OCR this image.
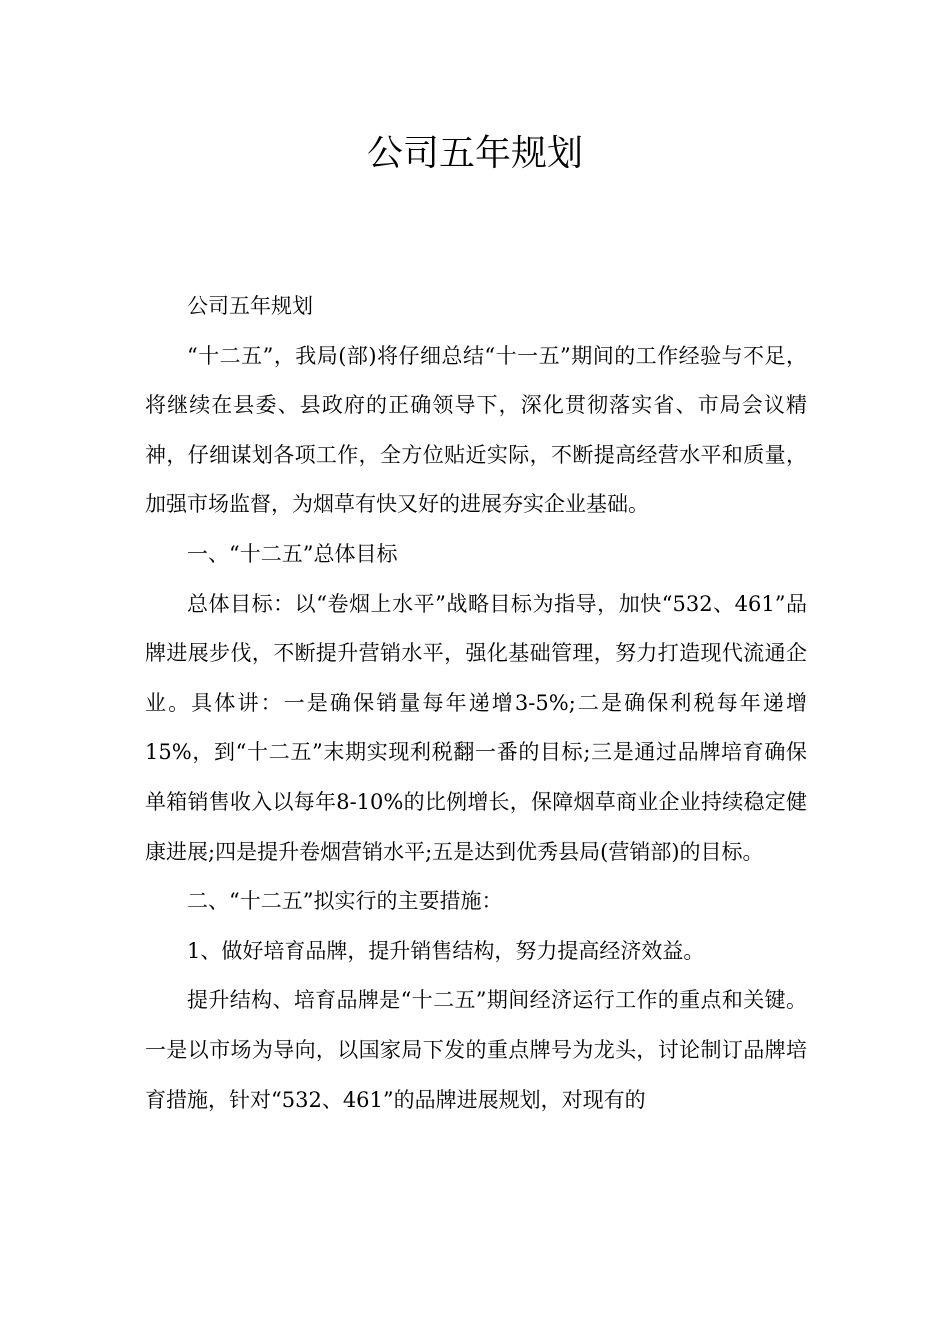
公司五年规划

公司五年规划

“十二五”，我局(部)将仔细总结“十一五”期间的工作经验与不足，将继续在县委、县政府的正确领导下，深化贯彻落实省、市局会议精神，仔细谋划各项工作，全方位贴近实际，不断提高经营水平和质量，加强市场监督，为烟草有快又好的进展夯实企业基础。

一、“十二五”总体目标

总体目标：以“卷烟上水平”战略目标为指导，加快“532、461”品牌进展步伐，不断提升营销水平，强化基础管理，努力打造现代流通企业。具体讲：一是确保销量每年递增3-5%;二是确保利税每年递增15%，到“十二五”末期实现利税翻一番的目标;三是通过品牌培育确保单箱销售收入以每年8-10%的比例增长，保障烟草商业企业持续稳定健康进展;四是提升卷烟营销水平;五是达到优秀县局(营销部)的目标。

二、“十二五”拟实行的主要措施：

1、做好培育品牌，提升销售结构，努力提高经济效益。

提升结构、培育品牌是“十二五”期间经济运行工作的重点和关键。一是以市场为导向，以国家局下发的重点牌号为龙头，讨论制订品牌培育措施，针对“532、461”的品牌进展规划，对现有的
